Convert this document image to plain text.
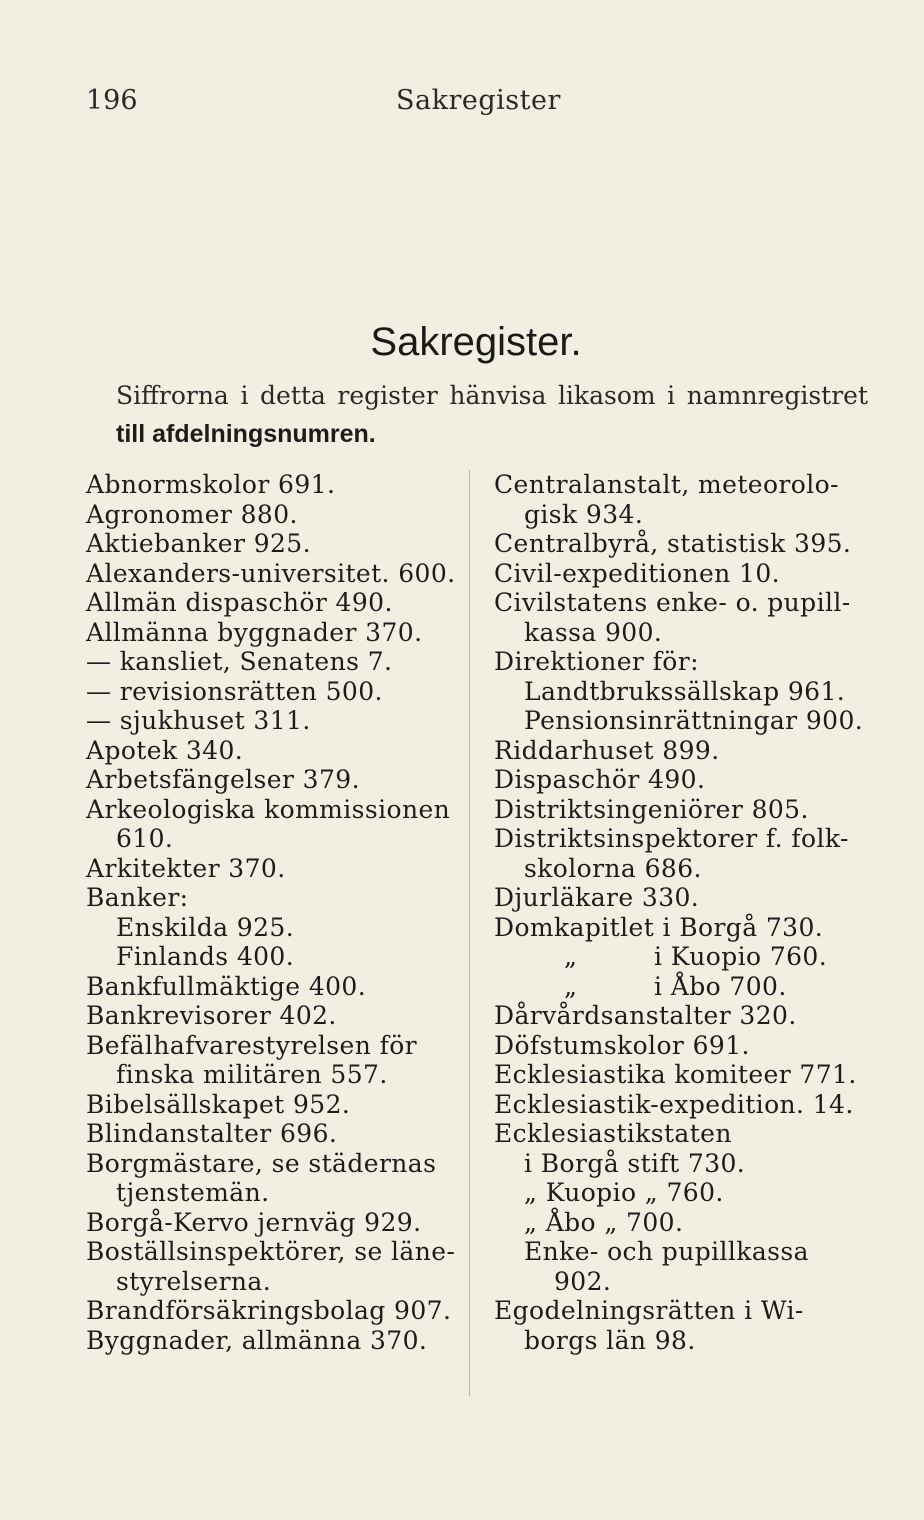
196	Sakregister
Sakregister.
Siffrorna i detta register hänvisa likasom i namnregistret
till afdelningsnumren.
Abnormskolor 691.
Agronomer 880.
Aktiebanker 925.
Alexanders-universitet. 600.
Allmän dispaschör 490.
Allmänna byggnader 370.
— kansliet, Senatens 7.
— revisionsrätten 500.
— sjukhuset 311.
Apotek 340.
Arbetsfängelser 379.
Arkeologiska kommissionen
610.
Arkitekter 370.
Banker:
Enskilda 925.
Finlands 400.
Bankfullmäktige 400.
Bankrevisorer 402.
Befälhafvarestyrelsen för
finska militären 557.
Bibelsällskapet 952.
Blindanstalter 696.
Borgmästare, se städernas
tjenstemän.
Borgå-Kervo jernväg 929.
Boställsinspektörer, se läne-
styrelserna.
Brandförsäkringsbolag 907.
Byggnader, allmänna 370.
Centralanstalt, meteorolo-
gisk 934.
Centralbyrå, statistisk 395.
Civil-expeditionen 10.
Civilstatens enke- o. pupill-
kassa 900.
Direktioner för:
Landtbrukssällskap 961.
Pensionsinrättningar 900.
Riddarhuset 899.
Dispaschör 490.
Distriktsingeniörer 805.
Distriktsinspektorer f. folk-
skolorna 686.
Djurläkare 330.
Domkapitlet i Borgå 730.
„	i Kuopio 760.
„	i Åbo 700.
Dårvårdsanstalter 320.
Döfstumskolor 691.
Ecklesiastika komiteer 771.
Ecklesiastik-expedition. 14.
Ecklesiastikstaten
i Borgå stift 730.
„ Kuopio „ 760.
„ Åbo „ 700.
Enke- och pupillkassa
902.
Egodelningsrätten i Wi-
borgs län 98.
